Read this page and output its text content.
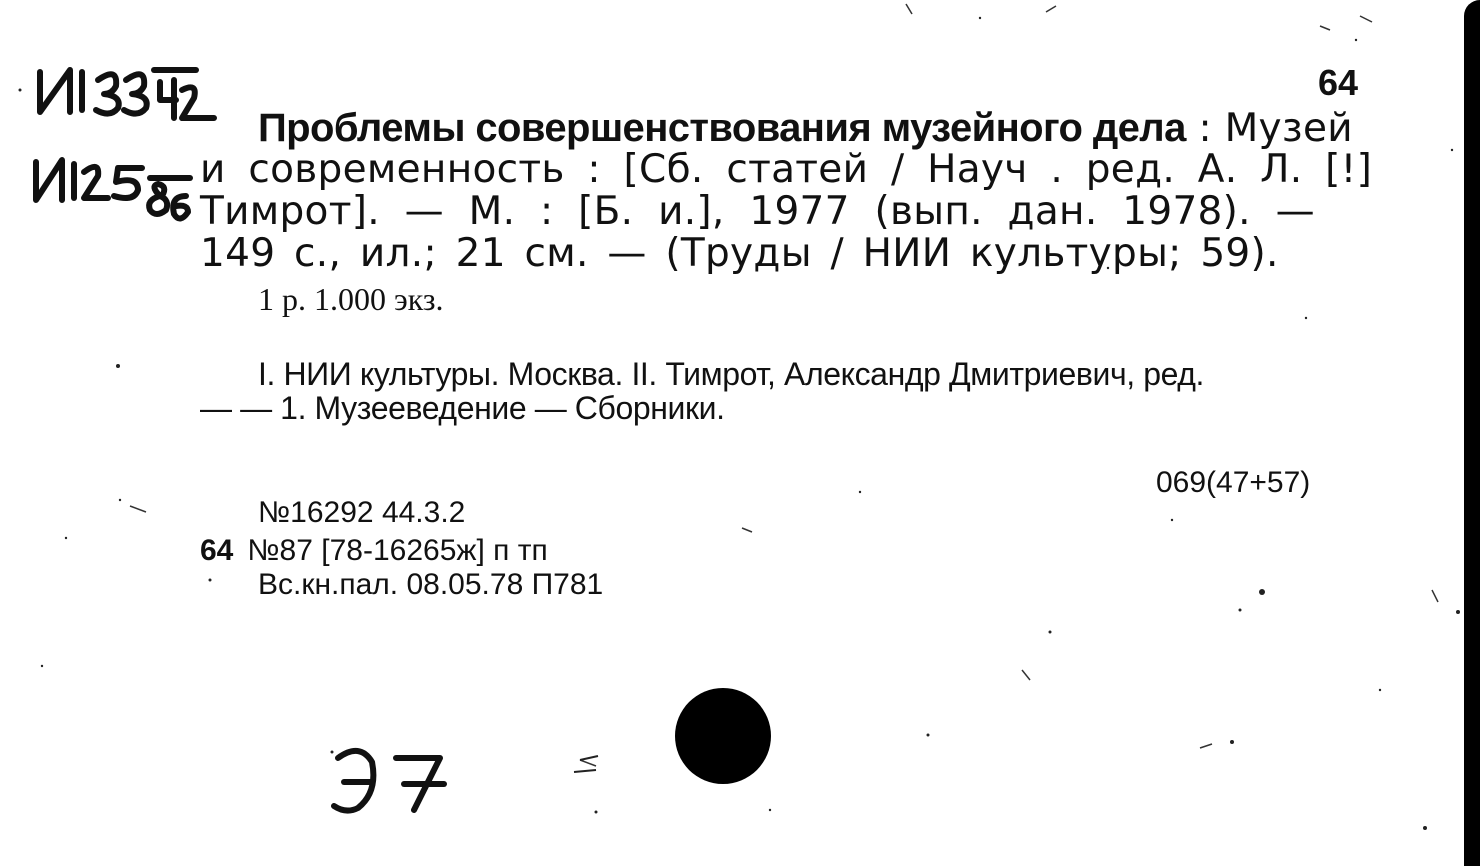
64
Проблемы совершенствования музейного дела : Музей
и современность : [Сб. статей / Науч . ред. А. Л. [!]
Тимрот]. — М. : [Б. и.], 1977 (вып. дан. 1978). —
149 с., ил.; 21 см. — (Труды / НИИ культуры; 59).
1 р. 1.000 экз.
I. НИИ культуры. Москва. II. Тимрот, Александр Дмитриевич, ред.
— — 1. Музееведение — Сборники.
069(47+57)
№16292 44.3.2
64 №87 [78-16265ж] п тп
Вс.кн.пал. 08.05.78 П781
